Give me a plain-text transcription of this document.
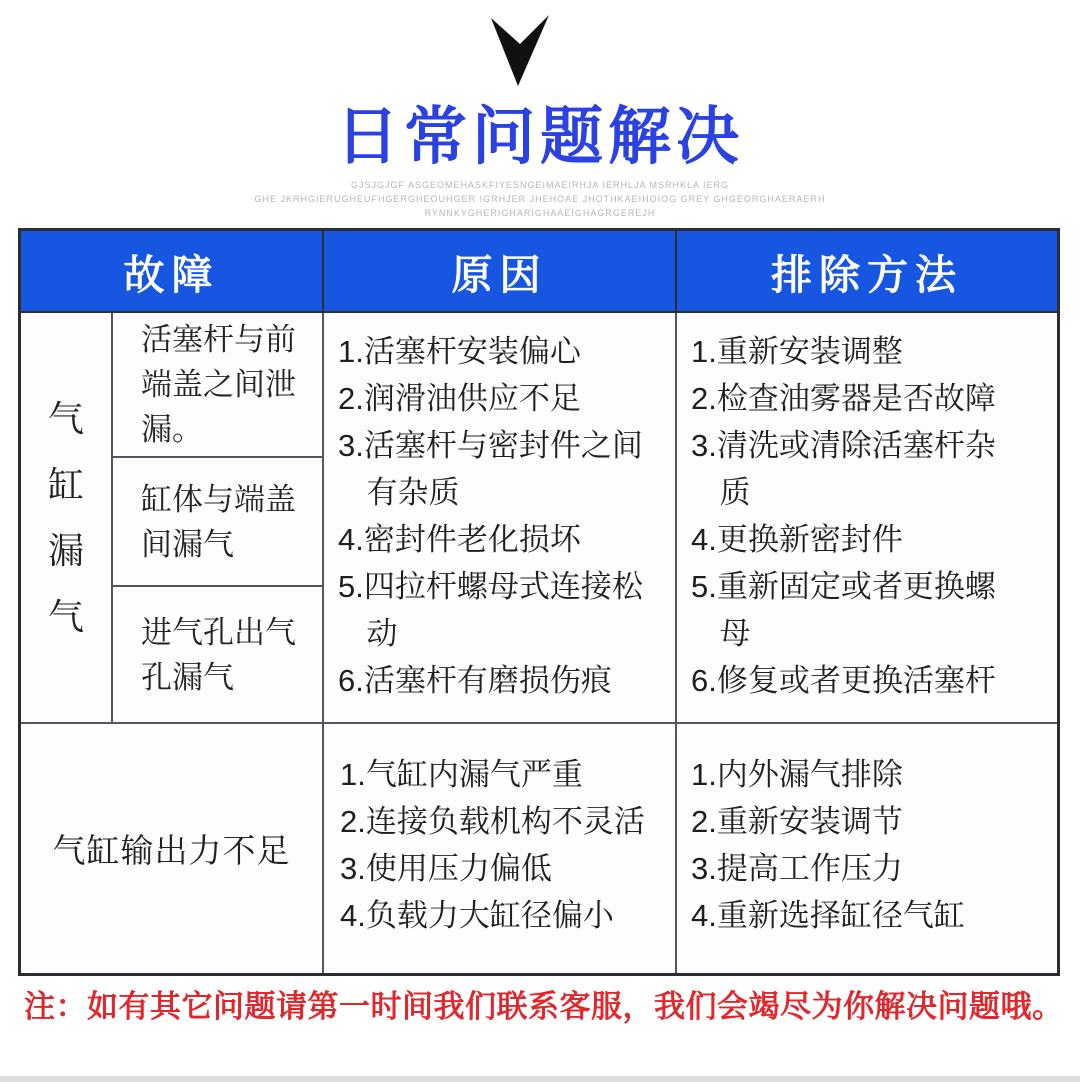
日常问题解决
GJSJGJGF ASGEOMEHASKFIYESNGEIMAEIRHJA IERHLJA MSRHKLA IERG
GHE JKRHGIERUGHEUFHGERGHEOUHGER IGRHJER JHEHOAE JHOTHKAEIHOIOG GREY GHGEORGHAERAERH
RYNNKYGHERIGHARIGHAAEIGHAGRGEREJH
故障	原因	排除方法
气缸漏气
活塞杆与前端盖之间泄漏。
缸体与端盖间漏气
进气孔出气孔漏气
1.活塞杆安装偏心
2.润滑油供应不足
3.活塞杆与密封件之间有杂质
4.密封件老化损坏
5.四拉杆螺母式连接松动
6.活塞杆有磨损伤痕
1.重新安装调整
2.检查油雾器是否故障
3.清洗或清除活塞杆杂质
4.更换新密封件
5.重新固定或者更换螺母
6.修复或者更换活塞杆
气缸输出力不足
1.气缸内漏气严重
2.连接负载机构不灵活
3.使用压力偏低
4.负载力大缸径偏小
1.内外漏气排除
2.重新安装调节
3.提高工作压力
4.重新选择缸径气缸
注：如有其它问题请第一时间我们联系客服，我们会竭尽为你解决问题哦。
